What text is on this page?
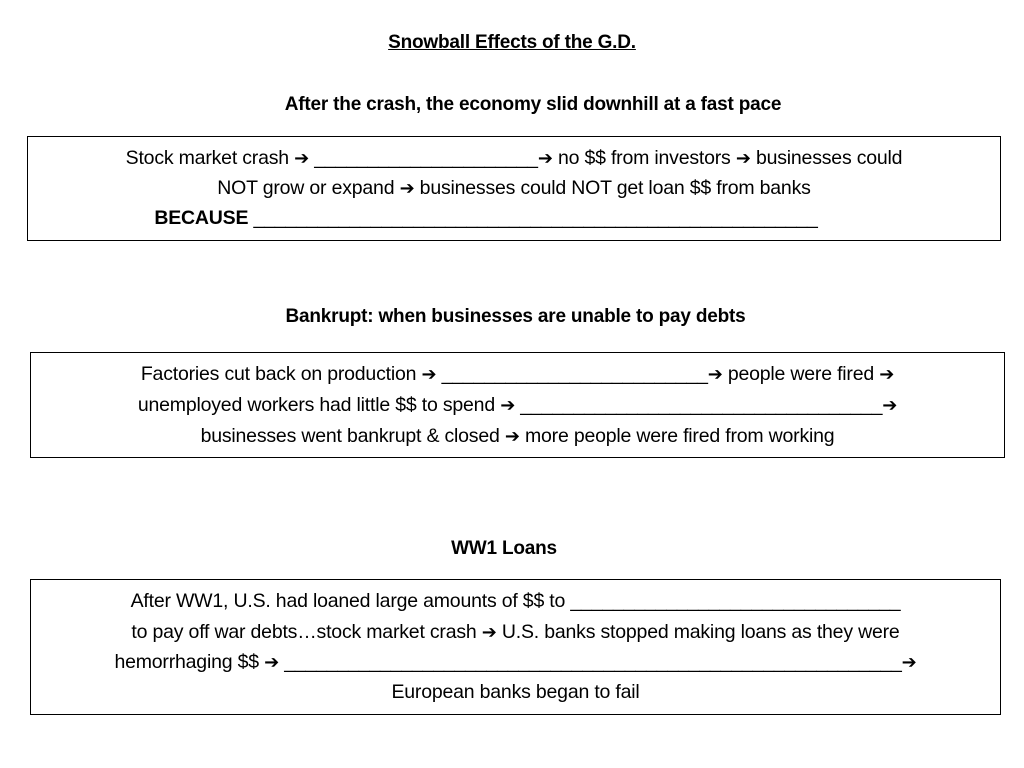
Snowball Effects of the G.D.
After the crash, the economy slid downhill at a fast pace
Stock market crash ➔ _____________________➔ no $$ from investors ➔ businesses could
NOT grow or expand ➔ businesses could NOT get loan $$ from banks
BECAUSE _____________________________________________________
Bankrupt: when businesses are unable to pay debts
Factories cut back on production ➔ _________________________➔ people were fired ➔
unemployed workers had little $$ to spend ➔ __________________________________➔
businesses went bankrupt & closed ➔ more people were fired from working
WW1 Loans
After WW1, U.S. had loaned large amounts of $$ to _______________________________
to pay off war debts…stock market crash ➔ U.S. banks stopped making loans as they were
hemorrhaging $$ ➔ __________________________________________________________➔
European banks began to fail
